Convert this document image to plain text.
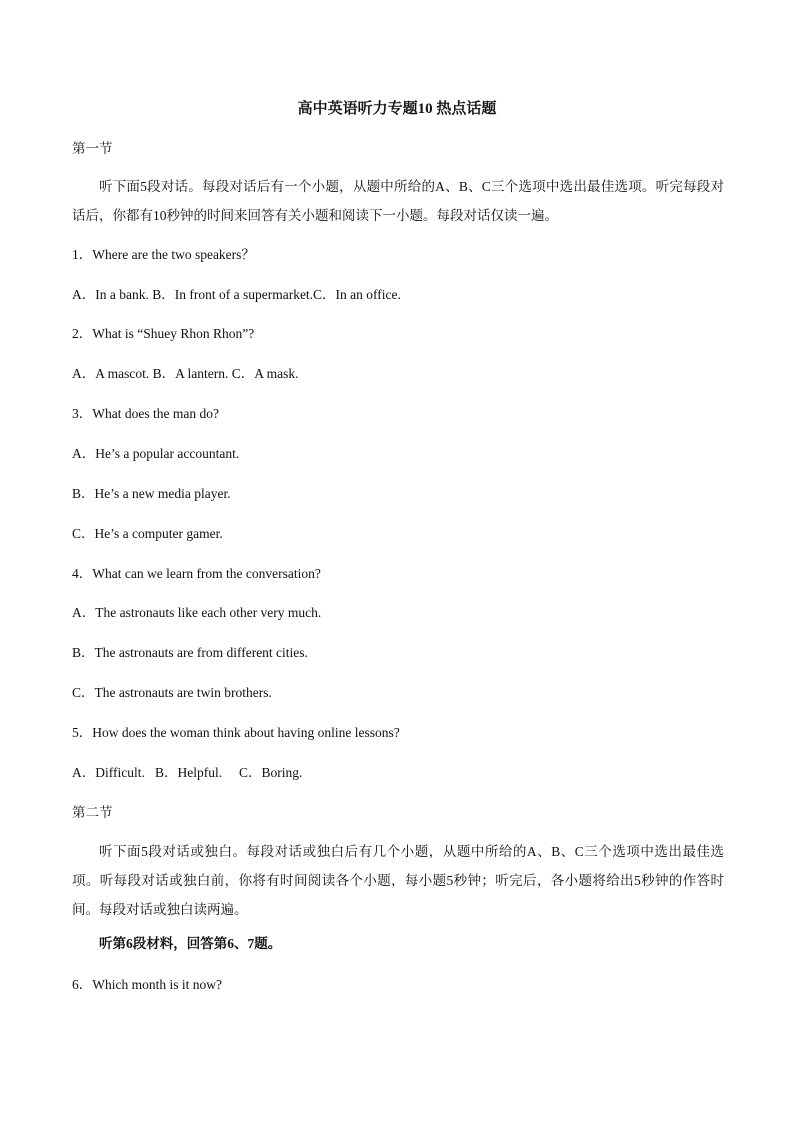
高中英语听力专题10 热点话题
第一节
听下面5段对话。每段对话后有一个小题，从题中所给的A、B、C三个选项中选出最佳选项。听完每段对话后，你都有10秒钟的时间来回答有关小题和阅读下一小题。每段对话仅读一遍。
1．Where are the two speakers？
A．In a bank. B．In front of a supermarket.C．In an office.
2．What is “Shuey Rhon Rhon”?
A．A mascot. B．A lantern. C．A mask.
3．What does the man do?
A．He’s a popular accountant.
B．He’s a new media player.
C．He’s a computer gamer.
4．What can we learn from the conversation?
A．The astronauts like each other very much.
B．The astronauts are from different cities.
C．The astronauts are twin brothers.
5．How does the woman think about having online lessons?
A．Difficult.   B．Helpful.     C．Boring.
第二节
听下面5段对话或独白。每段对话或独白后有几个小题，从题中所给的A、B、C三个选项中选出最佳选项。听每段对话或独白前，你将有时间阅读各个小题，每小题5秒钟；听完后，各小题将给出5秒钟的作答时间。每段对话或独白读两遍。
听第6段材料，回答第6、7题。
6．Which month is it now?
